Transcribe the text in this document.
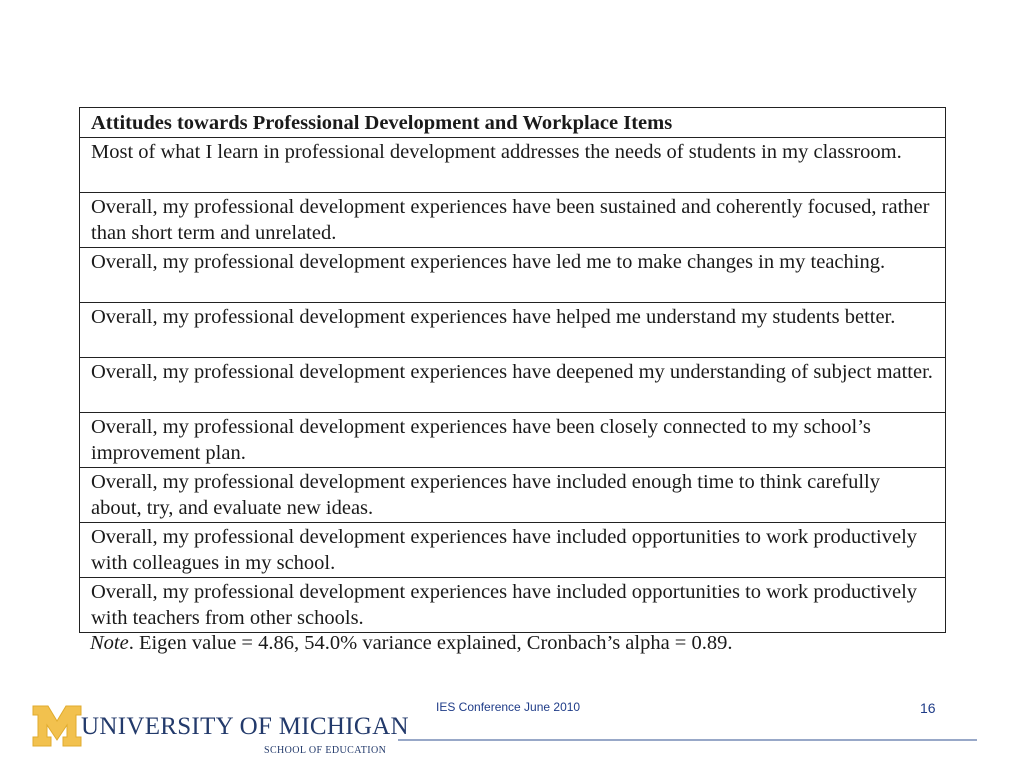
Attitudes towards Professional Development and Workplace Items
Most of what I learn in professional development addresses the needs of students in my classroom.
Overall, my professional development experiences have been sustained and coherently focused, rather than short term and unrelated.
Overall, my professional development experiences have led me to make changes in my teaching.
Overall, my professional development experiences have helped me understand my students better.
Overall, my professional development experiences have deepened my understanding of subject matter.
Overall, my professional development experiences have been closely connected to my school’s improvement plan.
Overall, my professional development experiences have included enough time to think carefully about, try, and evaluate new ideas.
Overall, my professional development experiences have included opportunities to work productively with colleagues in my school.
Overall, my professional development experiences have included opportunities to work productively with teachers from other schools.
Note. Eigen value = 4.86, 54.0% variance explained, Cronbach’s alpha = 0.89.
IES Conference June 2010	16
UNIVERSITY OF MICHIGAN
SCHOOL OF EDUCATION
